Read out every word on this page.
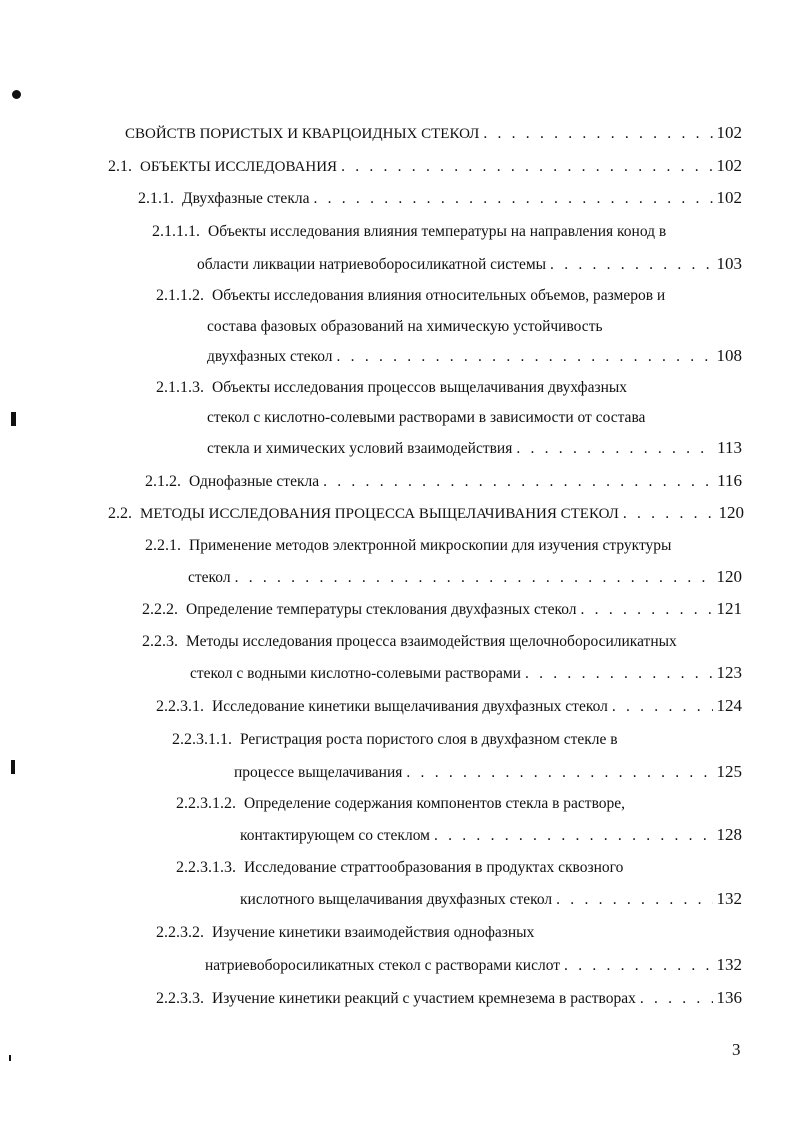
СВОЙСТВ ПОРИСТЫХ И КВАРЦОИДНЫХ СТЕКОЛ . . .	102
2.1. ОБЪЕКТЫ ИССЛЕДОВАНИЯ . . .	102
2.1.1. Двухфазные стекла . . .	102
2.1.1.1. Объекты исследования влияния температуры на направления конод в
области ликвации натриевоборосиликатной системы . . .	103
2.1.1.2. Объекты исследования влияния относительных объемов, размеров и
состава фазовых образований на химическую устойчивость
двухфазных стекол . . .	108
2.1.1.3. Объекты исследования процессов выщелачивания двухфазных
стекол с кислотно-солевыми растворами в зависимости от состава
стекла и химических условий взаимодействия . . .	113
2.1.2. Однофазные стекла . . .	116
2.2. МЕТОДЫ ИССЛЕДОВАНИЯ ПРОЦЕССА ВЫЩЕЛАЧИВАНИЯ СТЕКОЛ . . .	120
2.2.1. Применение методов электронной микроскопии для изучения структуры
стекол . . .	120
2.2.2. Определение температуры стеклования двухфазных стекол . . .	121
2.2.3. Методы исследования процесса взаимодействия щелочноборосиликатных
стекол с водными кислотно-солевыми растворами . . .	123
2.2.3.1. Исследование кинетики выщелачивания двухфазных стекол . . .	124
2.2.3.1.1. Регистрация роста пористого слоя в двухфазном стекле в
процессе выщелачивания . . .	125
2.2.3.1.2. Определение содержания компонентов стекла в растворе,
контактирующем со стеклом . . .	128
2.2.3.1.3. Исследование страттообразования в продуктах сквозного
кислотного выщелачивания двухфазных стекол . . .	132
2.2.3.2. Изучение кинетики взаимодействия однофазных
натриевоборосиликатных стекол с растворами кислот . . .	132
2.2.3.3. Изучение кинетики реакций с участием кремнезема в растворах . . .	136
3
